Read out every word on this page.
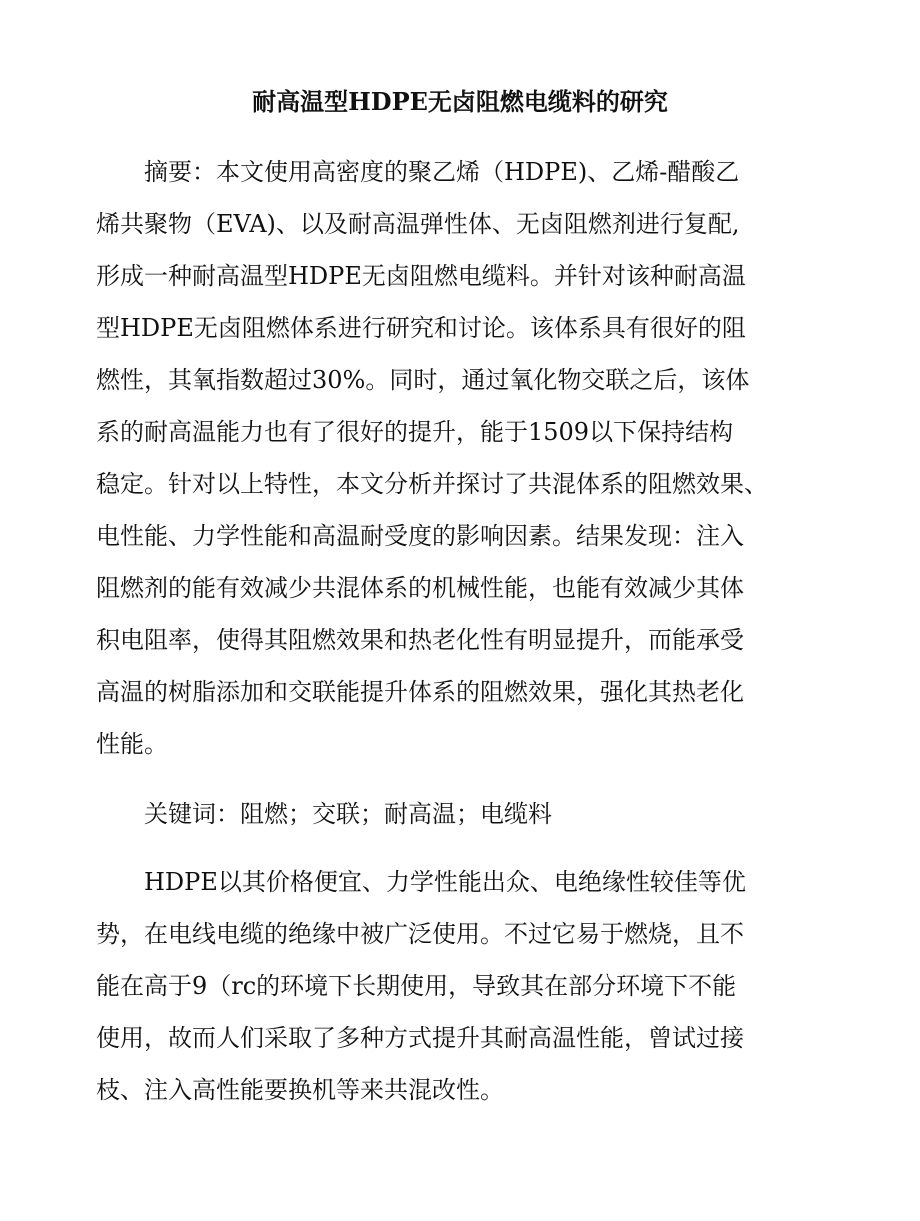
耐高温型HDPE无卤阻燃电缆料的研究
摘要：本文使用高密度的聚乙烯（HDPE)、乙烯-醋酸乙
烯共聚物（EVA)、以及耐高温弹性体、无卤阻燃剂进行复配,
形成一种耐高温型HDPE无卤阻燃电缆料。并针对该种耐高温
型HDPE无卤阻燃体系进行研究和讨论。该体系具有很好的阻
燃性，其氧指数超过30%。同时，通过氧化物交联之后，该体
系的耐高温能力也有了很好的提升，能于1509以下保持结构
稳定。针对以上特性，本文分析并探讨了共混体系的阻燃效果、
电性能、力学性能和高温耐受度的影响因素。结果发现：注入
阻燃剂的能有效减少共混体系的机械性能，也能有效减少其体
积电阻率，使得其阻燃效果和热老化性有明显提升，而能承受
高温的树脂添加和交联能提升体系的阻燃效果，强化其热老化
性能。
关键词：阻燃；交联；耐高温；电缆料
HDPE以其价格便宜、力学性能出众、电绝缘性较佳等优
势，在电线电缆的绝缘中被广泛使用。不过它易于燃烧，且不
能在高于9（rc的环境下长期使用，导致其在部分环境下不能
使用，故而人们采取了多种方式提升其耐高温性能，曾试过接
枝、注入高性能要换机等来共混改性。
